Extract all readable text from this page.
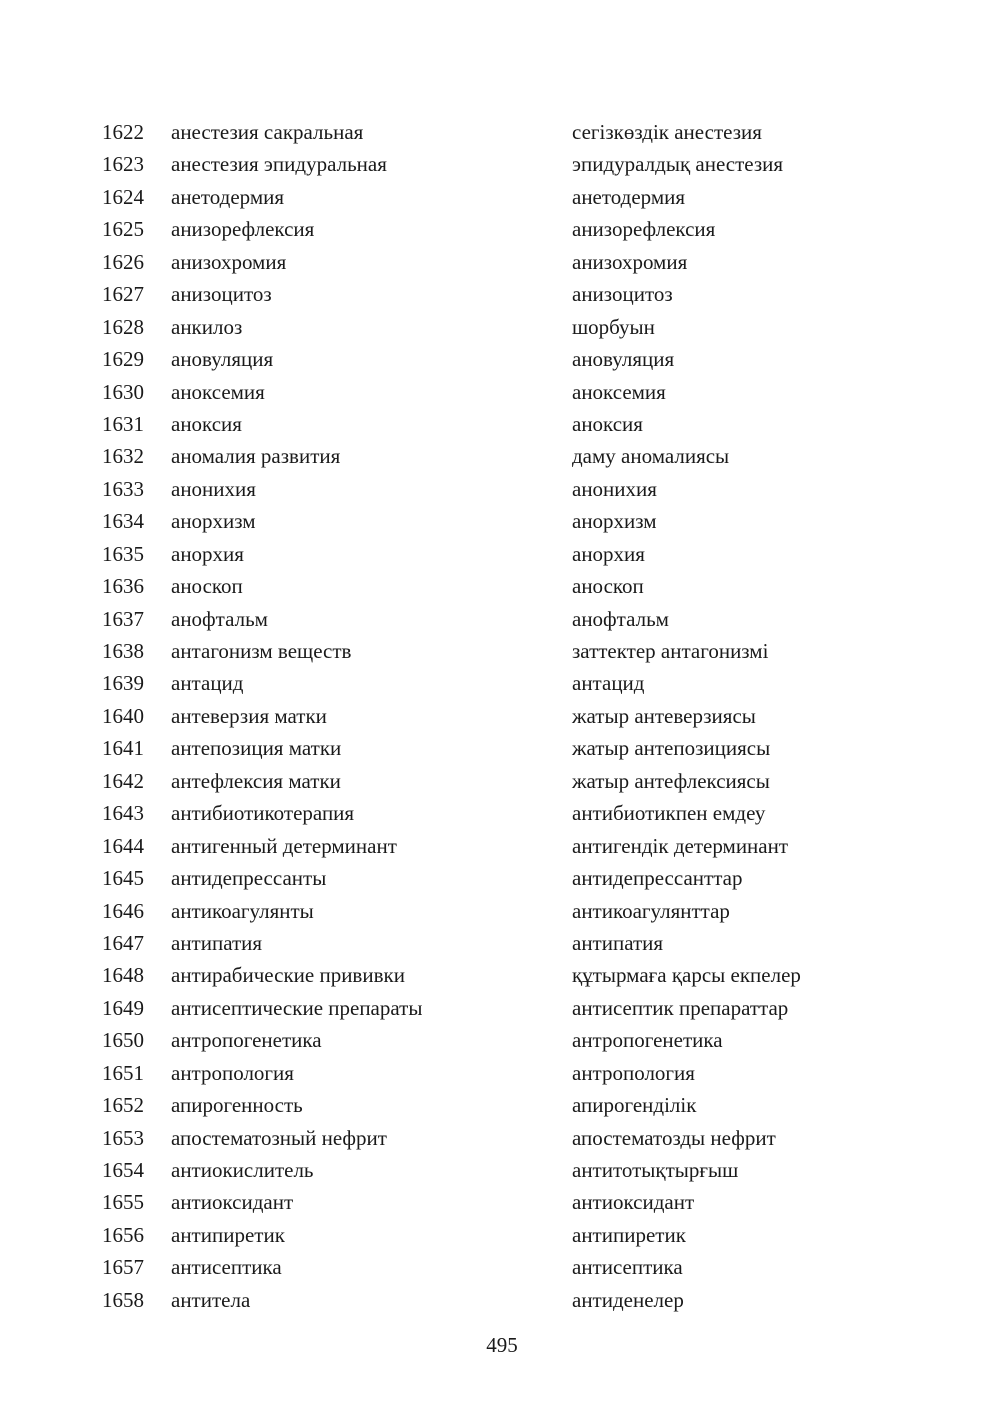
1622 анестезия сакральная	сегізкөздік анестезия
1623 анестезия эпидуральная	эпидуралдық анестезия
1624 анетодермия	анетодермия
1625 анизорефлексия	анизорефлексия
1626 анизохромия	анизохромия
1627 анизоцитоз	анизоцитоз
1628 анкилоз	шорбуын
1629 ановуляция	ановуляция
1630 аноксемия	аноксемия
1631 аноксия	аноксия
1632 аномалия развития	даму аномалиясы
1633 анонихия	анонихия
1634 анорхизм	анорхизм
1635 анорхия	анорхия
1636 аноскоп	аноскоп
1637 анофтальм	анофтальм
1638 антагонизм веществ	заттектер антагонизмі
1639 антацид	антацид
1640 антеверзия матки	жатыр антеверзиясы
1641 антепозиция матки	жатыр антепозициясы
1642 антефлексия матки	жатыр антефлексиясы
1643 антибиотикотерапия	антибиотикпен емдеу
1644 антигенный детерминант	антигендік детерминант
1645 антидепрессанты	антидепрессанттар
1646 антикоагулянты	антикоагулянттар
1647 антипатия	антипатия
1648 антирабические прививки	құтырмаға қарсы екпелер
1649 антисептические препараты	антисептик препараттар
1650 антропогенетика	антропогенетика
1651 антропология	антропология
1652 апирогенность	апирогенділік
1653 апостематозный нефрит	апостематозды нефрит
1654 антиокислитель	антитотықтырғыш
1655 антиоксидант	антиоксидант
1656 антипиретик	антипиретик
1657 антисептика	антисептика
1658 антитела	антиденелер
495
